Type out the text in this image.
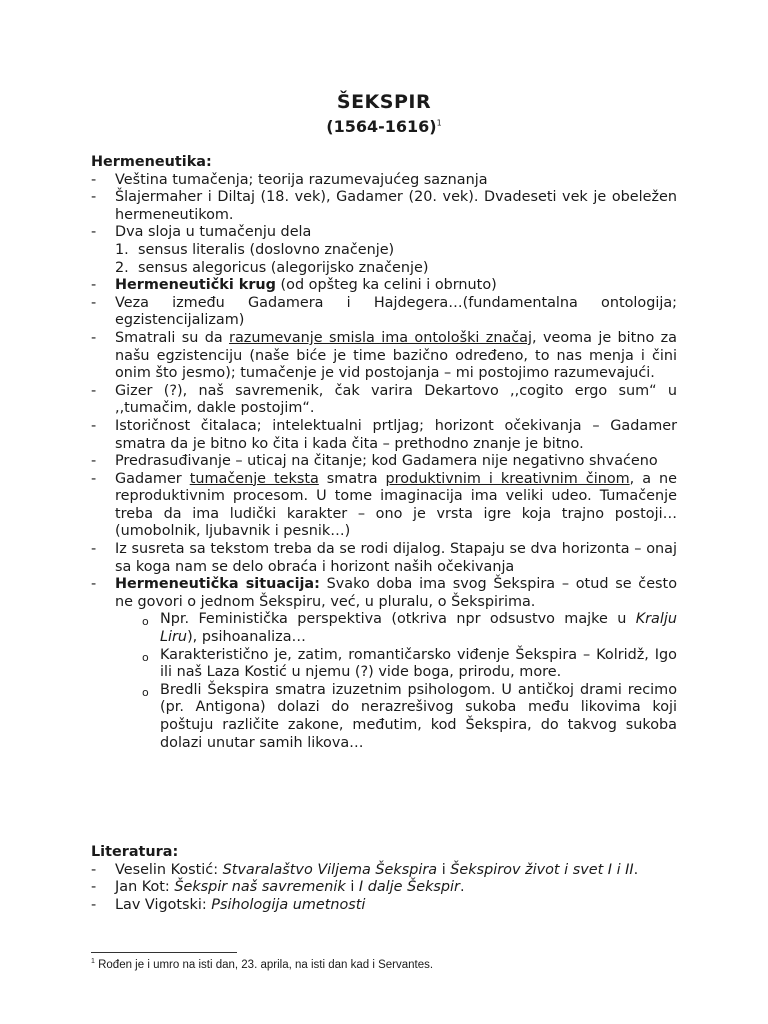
ŠEKSPIR
(1564-1616)$^1$
Hermeneutika:
- Veština tumačenja; teorija razumevajućeg saznanja
- Šlajermaher i Diltaj (18. vek), Gadamer (20. vek). Dvadeseti vek je obeležen hermeneutikom.
- Dva sloja u tumačenju dela
1. sensus literalis (doslovno značenje)
2. sensus alegoricus (alegorijsko značenje)
- Hermeneutički krug (od opšteg ka celini i obrnuto)
- Veza između Gadamera i Hajdegera…(fundamentalna ontologija; egzistencijalizam)
- Smatrali su da razumevanje smisla ima ontološki značaj, veoma je bitno za našu egzistenciju (naše biće je time bazično određeno, to nas menja i čini onim što jesmo); tumačenje je vid postojanja – mi postojimo razumevajući.
- Gizer (?), naš savremenik, čak varira Dekartovo ,,cogito ergo sum“ u ,,tumačim, dakle postojim“.
- Istoričnost čitalaca; intelektualni prtljag; horizont očekivanja – Gadamer smatra da je bitno ko čita i kada čita – prethodno znanje je bitno.
- Predrasuđivanje – uticaj na čitanje; kod Gadamera nije negativno shvaćeno
- Gadamer tumačenje teksta smatra produktivnim i kreativnim činom, a ne reproduktivnim procesom. U tome imaginacija ima veliki udeo. Tumačenje treba da ima ludički karakter – ono je vrsta igre koja trajno postoji…(umobolnik, ljubavnik i pesnik…)
- Iz susreta sa tekstom treba da se rodi dijalog. Stapaju se dva horizonta – onaj sa koga nam se delo obraća i horizont naših očekivanja
- Hermeneutička situacija: Svako doba ima svog Šekspira – otud se često ne govori o jednom Šekspiru, već, u pluralu, o Šekspirima.
o Npr. Feministička perspektiva (otkriva npr odsustvo majke u Kralju Liru), psihoanaliza…
o Karakteristično je, zatim, romantičarsko viđenje Šekspira – Kolridž, Igo ili naš Laza Kostić u njemu (?) vide boga, prirodu, more.
o Bredli Šekspira smatra izuzetnim psihologom. U antičkoj drami recimo (pr. Antigona) dolazi do nerazrešivog sukoba među likovima koji poštuju različite zakone, međutim, kod Šekspira, do takvog sukoba dolazi unutar samih likova…
Literatura:
- Veselin Kostić: Stvaralaštvo Viljema Šekspira i Šekspirov život i svet I i II.
- Jan Kot: Šekspir naš savremenik i I dalje Šekspir.
- Lav Vigotski: Psihologija umetnosti
$^1$ Rođen je i umro na isti dan, 23. aprila, na isti dan kad i Servantes.
